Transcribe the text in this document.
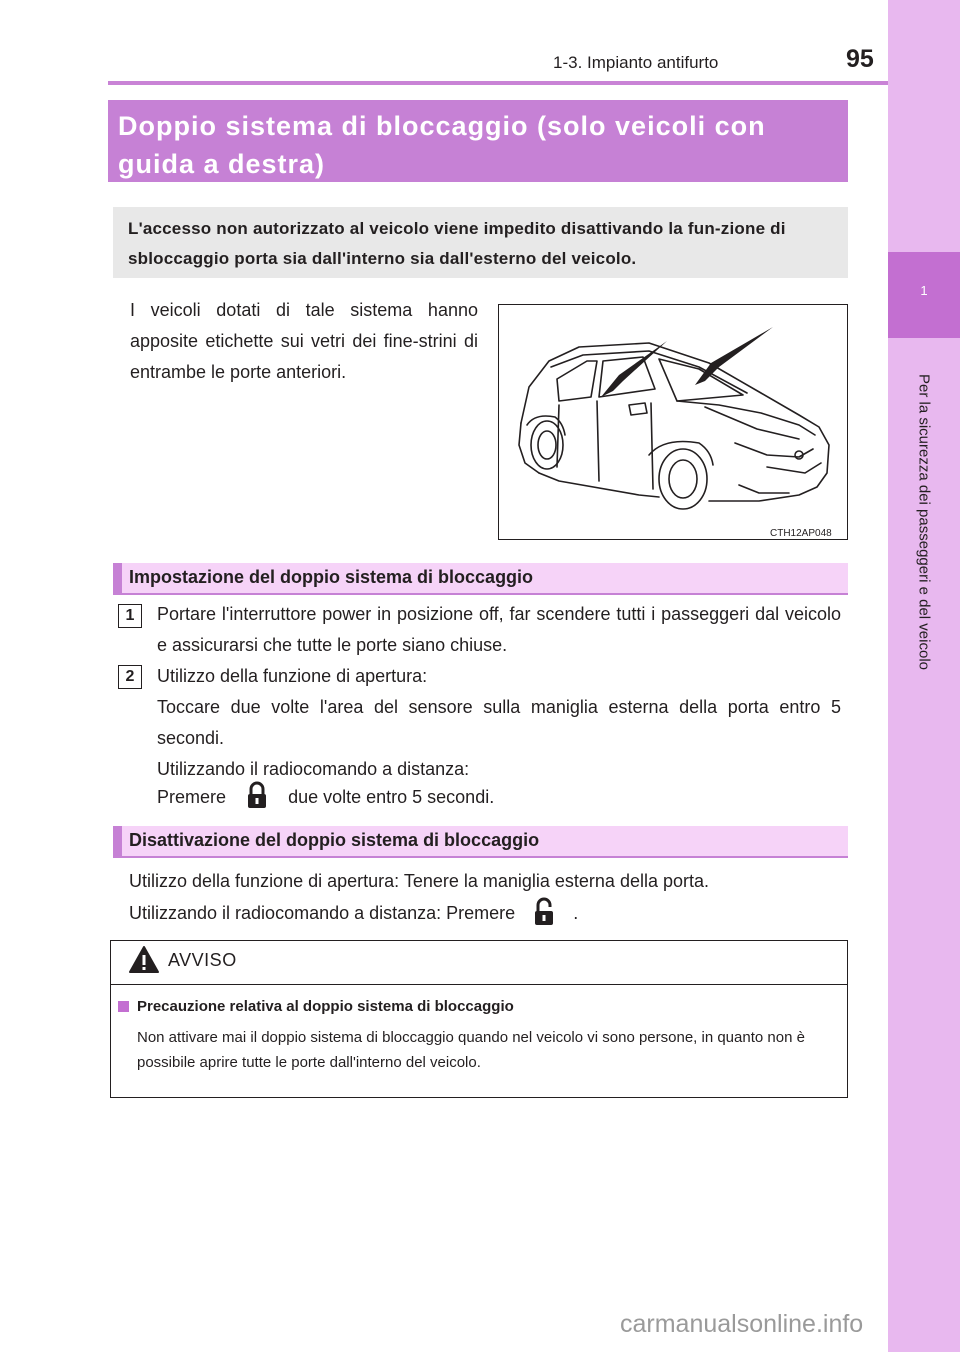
1-3. Impianto antifurto	95
1
Per la sicurezza dei passeggeri e del veicolo
Doppio sistema di bloccaggio (solo veicoli con guida a destra)
L'accesso non autorizzato al veicolo viene impedito disattivando la fun-zione di sbloccaggio porta sia dall'interno sia dall'esterno del veicolo.
I veicoli dotati di tale sistema hanno apposite etichette sui vetri dei fine-strini di entrambe le porte anteriori.
CTH12AP048
Impostazione del doppio sistema di bloccaggio
1	Portare l'interruttore power in posizione off, far scendere tutti i passeggeri dal veicolo e assicurarsi che tutte le porte siano chiuse.
2	Utilizzo della funzione di apertura:
Toccare due volte l'area del sensore sulla maniglia esterna della porta entro 5 secondi.
Utilizzando il radiocomando a distanza:
Premere	due volte entro 5 secondi.
Disattivazione del doppio sistema di bloccaggio
Utilizzo della funzione di apertura: Tenere la maniglia esterna della porta.
Utilizzando il radiocomando a distanza: Premere	.
AVVISO
Precauzione relativa al doppio sistema di bloccaggio
Non attivare mai il doppio sistema di bloccaggio quando nel veicolo vi sono persone, in quanto non è possibile aprire tutte le porte dall'interno del veicolo.
carmanualsonline.info
